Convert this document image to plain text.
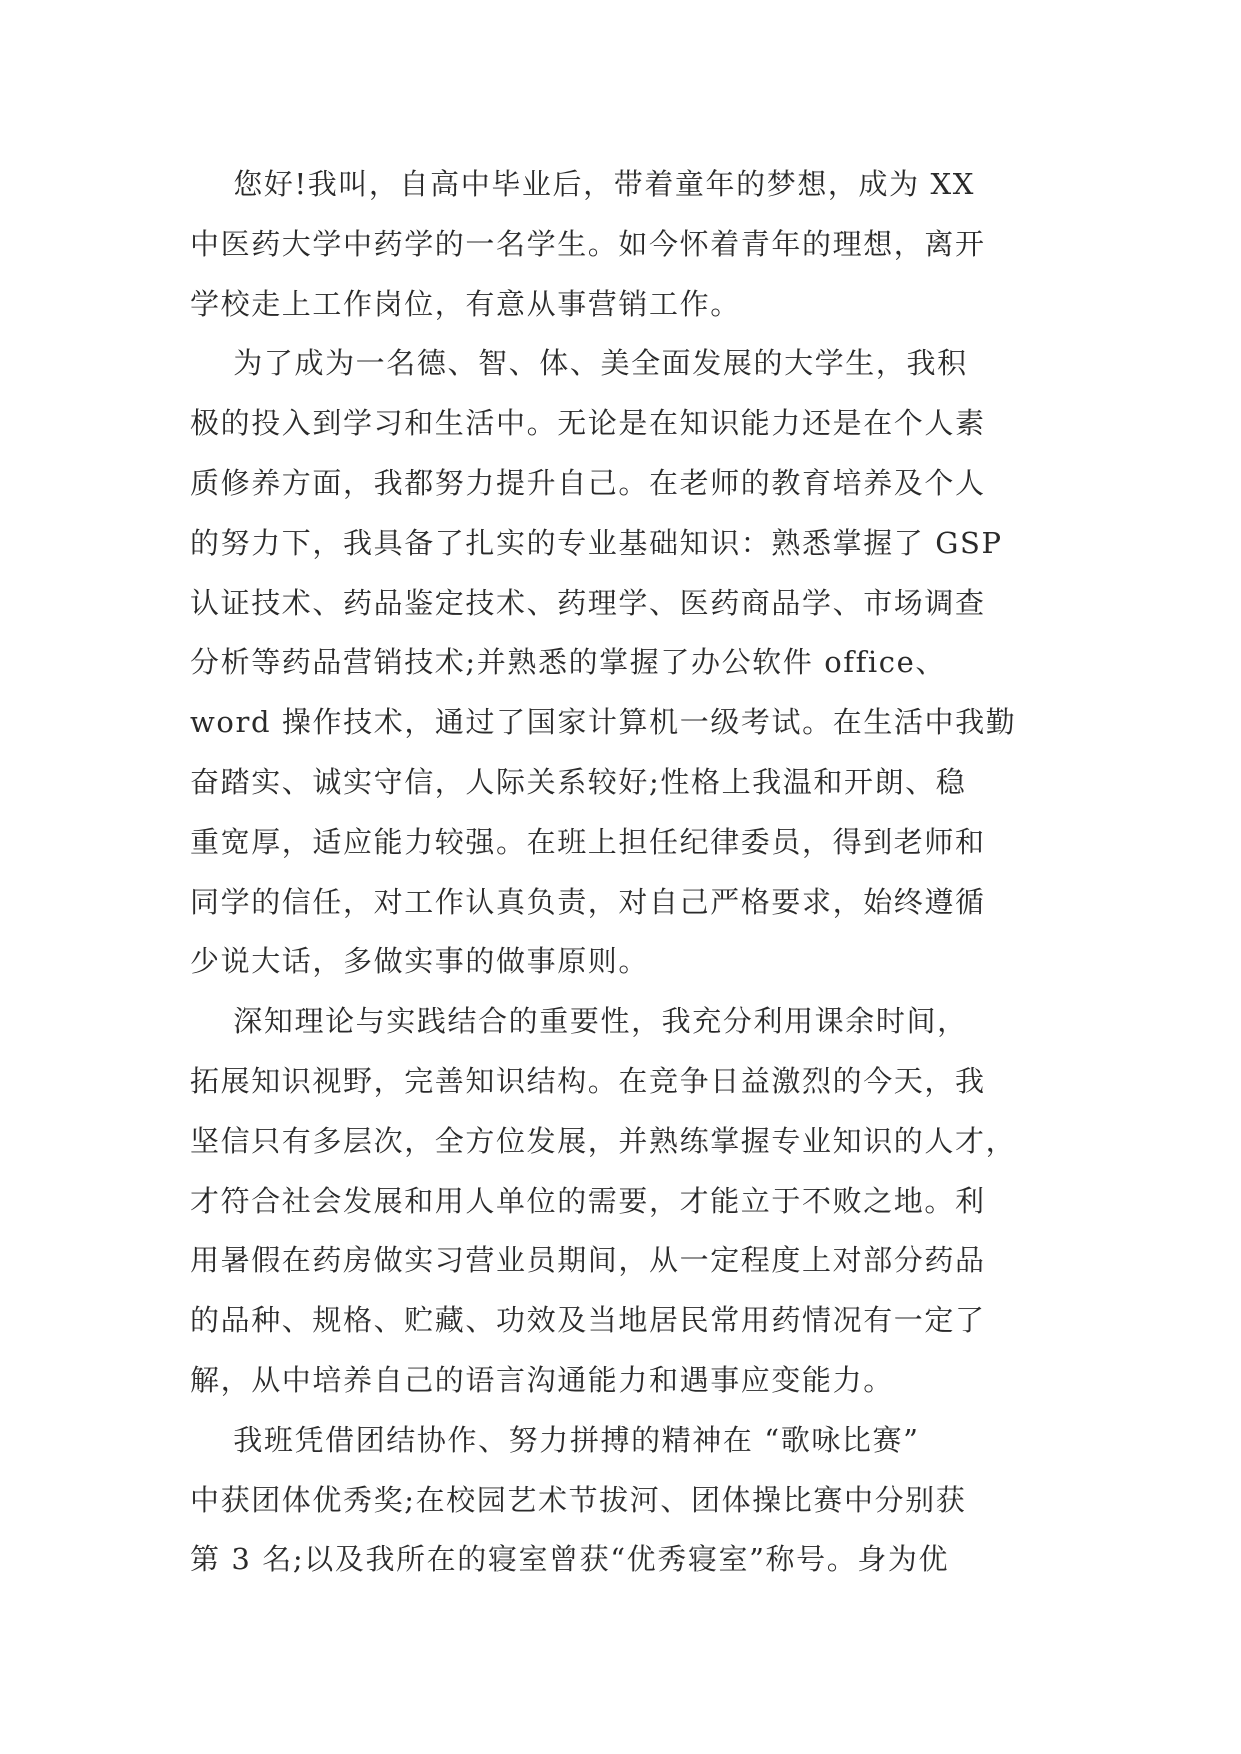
您好!我叫，自高中毕业后，带着童年的梦想，成为 XX
中医药大学中药学的一名学生。如今怀着青年的理想，离开
学校走上工作岗位，有意从事营销工作。
为了成为一名德、智、体、美全面发展的大学生，我积
极的投入到学习和生活中。无论是在知识能力还是在个人素
质修养方面，我都努力提升自己。在老师的教育培养及个人
的努力下，我具备了扎实的专业基础知识：熟悉掌握了 GSP
认证技术、药品鉴定技术、药理学、医药商品学、市场调查
分析等药品营销技术;并熟悉的掌握了办公软件 office、
word 操作技术，通过了国家计算机一级考试。在生活中我勤
奋踏实、诚实守信，人际关系较好;性格上我温和开朗、稳
重宽厚，适应能力较强。在班上担任纪律委员，得到老师和
同学的信任，对工作认真负责，对自己严格要求，始终遵循
少说大话，多做实事的做事原则。
深知理论与实践结合的重要性，我充分利用课余时间，
拓展知识视野，完善知识结构。在竞争日益激烈的今天，我
坚信只有多层次，全方位发展，并熟练掌握专业知识的人才，
才符合社会发展和用人单位的需要，才能立于不败之地。利
用暑假在药房做实习营业员期间，从一定程度上对部分药品
的品种、规格、贮藏、功效及当地居民常用药情况有一定了
解，从中培养自己的语言沟通能力和遇事应变能力。
我班凭借团结协作、努力拼搏的精神在 “歌咏比赛”
中获团体优秀奖;在校园艺术节拔河、团体操比赛中分别获
第 3 名;以及我所在的寝室曾获“优秀寝室”称号。身为优
